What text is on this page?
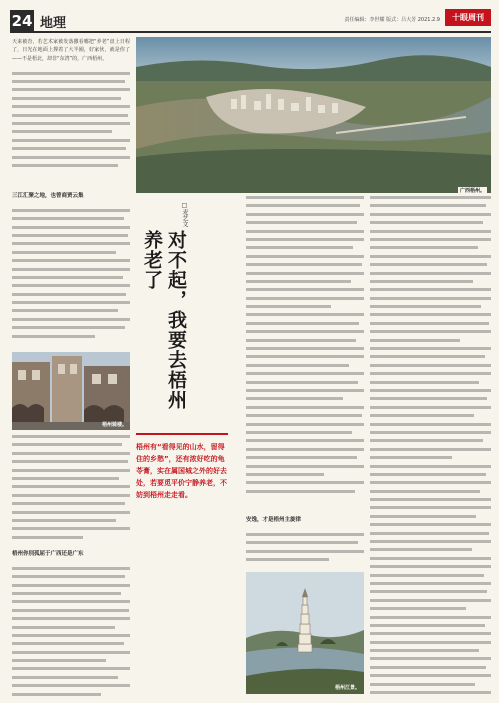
24 地理	责任编辑：李世耀 版式：吕大芳 2021.2.9	十眼周刊
天来被沓，若艺术家被发落撒看哪把“养老”盘上日程了，日光在地面上撑着了大半圈，好家伙，就是你了——不是梧北，却非“东湾”的，广西梧州。
广西梧州。
三江汇聚之地，也曾商贾云集
梧州骑楼。
梧州你别孤屈于广西还是广东
□麦艺文
对不起，我要去梧州养老了
梧州有“看得见的山水，留得住的乡愁”，还有浓好吃的龟苓膏，实在属国城之外的好去处，若要觅平价宁静养老，不妨到梧州走走看。
安逸，才是梧州主旋律
梧州江景。
